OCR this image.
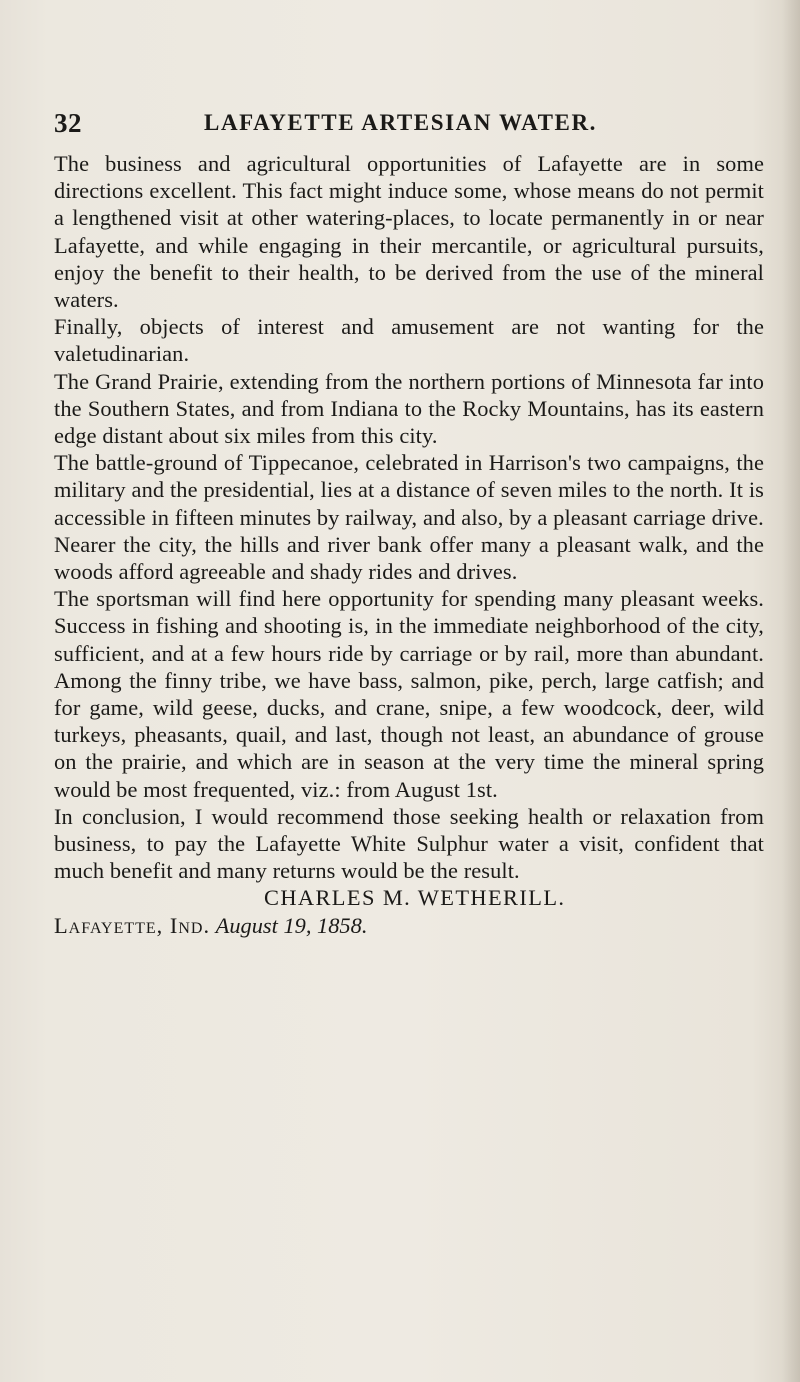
32	LAFAYETTE ARTESIAN WATER.

The business and agricultural opportunities of Lafayette are in some directions excellent. This fact might induce some, whose means do not permit a lengthened visit at other watering-places, to locate permanently in or near Lafayette, and while engaging in their mercantile, or agricultural pursuits, enjoy the benefit to their health, to be derived from the use of the mineral waters.

Finally, objects of interest and amusement are not wanting for the valetudinarian.

The Grand Prairie, extending from the northern portions of Minnesota far into the Southern States, and from Indiana to the Rocky Mountains, has its eastern edge distant about six miles from this city.

The battle-ground of Tippecanoe, celebrated in Harrison's two campaigns, the military and the presidential, lies at a distance of seven miles to the north. It is accessible in fifteen minutes by railway, and also, by a pleasant carriage drive.

Nearer the city, the hills and river bank offer many a pleasant walk, and the woods afford agreeable and shady rides and drives.

The sportsman will find here opportunity for spending many pleasant weeks. Success in fishing and shooting is, in the immediate neighborhood of the city, sufficient, and at a few hours ride by carriage or by rail, more than abundant. Among the finny tribe, we have bass, salmon, pike, perch, large catfish; and for game, wild geese, ducks, and crane, snipe, a few woodcock, deer, wild turkeys, pheasants, quail, and last, though not least, an abundance of grouse on the prairie, and which are in season at the very time the mineral spring would be most frequented, viz.: from August 1st.

In conclusion, I would recommend those seeking health or relaxation from business, to pay the Lafayette White Sulphur water a visit, confident that much benefit and many returns would be the result.

CHARLES M. WETHERILL.

Lafayette, Ind. August 19, 1858.
